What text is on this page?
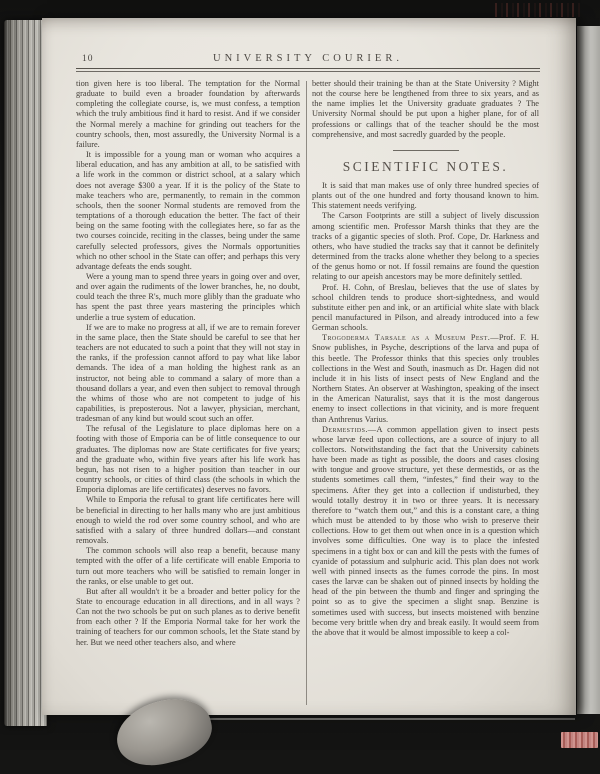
10	UNIVERSITY COURIER.

tion given here is too liberal. The temptation for the Normal graduate to build even a broader foundation by afterwards completing the collegiate course, is, we must confess, a temption which the truly ambitious find it hard to resist. And if we consider the Normal merely a machine for grinding out teachers for the country schools, then, most assuredly, the University Normal is a failure.

It is impossible for a young man or woman who acquires a liberal education, and has any ambition at all, to be satisfied with a life work in the common or district school, at a salary which does not average $300 a year. If it is the policy of the State to make teachers who are, permanently, to remain in the common schools, then the sooner Normal students are removed from the temptations of a thorough education the better. The fact of their being on the same footing with the collegiates here, so far as the two courses coincide, reciting in the classes, being under the same carefully selected professors, gives the Normals opportunities which no other school in the State can offer; and perhaps this very advantage defeats the ends sought.

Were a young man to spend three years in going over and over, and over again the rudiments of the lower branches, he, no doubt, could teach the three R's, much more glibly than the graduate who has spent the past three years mastering the principles which underlie a true system of education.

If we are to make no progress at all, if we are to remain forever in the same place, then the State should be careful to see that her teachers are not educated to such a point that they will not stay in the ranks, if the profession cannot afford to pay what like labor demands. The idea of a man holding the highest rank as an instructor, not being able to command a salary of more than a thousand dollars a year, and even then subject to removal through the whims of those who are not competent to judge of his capabilities, is preposterous. Not a lawyer, physician, merchant, tradesman of any kind but would scout such an offer.

The refusal of the Legislature to place diplomas here on a footing with those of Emporia can be of little consequence to our graduates. The diplomas now are State certificates for five years; and the graduate who, within five years after his life work has begun, has not risen to a higher position than teacher in our country schools, or cities of third class (the schools in which the Emporia diplomas are life certificates) deserves no favors.

While to Emporia the refusal to grant life certificates here will be beneficial in directing to her halls many who are just ambitious enough to wield the rod over some country school, and who are satisfied with a salary of three hundred dollars—and constant removals.

The common schools will also reap a benefit, because many tempted with the offer of a life certificate will enable Emporia to turn out more teachers who will be satisfied to remain longer in the ranks, or else unable to get out.

But after all wouldn't it be a broader and better policy for the State to encourage education in all directions, and in all ways ? Can not the two schools be put on such planes as to derive benefit from each other ? If the Emporia Normal take for her work the training of teachers for our common schools, let the State stand by her. But we need other teachers also, and where

better should their training be than at the State University ? Might not the course here be lengthened from three to six years, and as the name implies let the University graduate graduates ? The University Normal should be put upon a higher plane, for of all professions or callings that of the teacher should be the most comprehensive, and most sacredly guarded by the people.

SCIENTIFIC NOTES.

It is said that man makes use of only three hundred species of plants out of the one hundred and forty thousand known to him. This statement needs verifying.

The Carson Footprints are still a subject of lively discussion among scientific men. Professor Marsh thinks that they are the tracks of a gigantic species of sloth. Prof. Cope, Dr. Harkness and others, who have studied the tracks say that it cannot be definitely determined from the tracks alone whether they belong to a species of the genus homo or not. If fossil remains are found the question relating to our apeish ancestors may be more definitely settled.

Prof. H. Cohn, of Breslau, believes that the use of slates by school children tends to produce short-sightedness, and would substitute either pen and ink, or an artificial white slate with black pencil manufactured in Pilson, and already introduced into a few German schools.

Trogoderma Tarsale as a Museum Pest.—Prof. F. H. Snow publishes, in Psyche, descriptions of the larva and pupa of this beetle. The Professor thinks that this species only troubles collections in the West and South, inasmuch as Dr. Hagen did not include it in his lists of insect pests of New England and the Northern States. An observer at Washington, speaking of the insect in the American Naturalist, says that it is the most dangerous enemy to insect collections in that vicinity, and is more frequent than Anthrenus Varius.

Dermestids.—A common appellation given to insect pests whose larvæ feed upon collections, are a source of injury to all collectors. Notwithstanding the fact that the University cabinets have been made as tight as possible, the doors and cases closing with tongue and groove structure, yet these dermestids, or as the students sometimes call them, “infestes,” find their way to the specimens. After they get into a collection if undisturbed, they would totally destroy it in two or three years. It is necessary therefore to “watch them out,” and this is a constant care, a thing which must be attended to by those who wish to preserve their collections. How to get them out when once in is a question which involves some difficulties. One way is to place the infested specimens in a tight box or can and kill the pests with the fumes of cyanide of potassium and sulphuric acid. This plan does not work well with pinned insects as the fumes corrode the pins. In most cases the larvæ can be shaken out of pinned insects by holding the head of the pin between the thumb and finger and springing the point so as to give the specimen a slight snap. Benzine is sometimes used with success, but insects moistened with benzine become very brittle when dry and break easily. It would seem from the above that it would be almost impossible to keep a col-
